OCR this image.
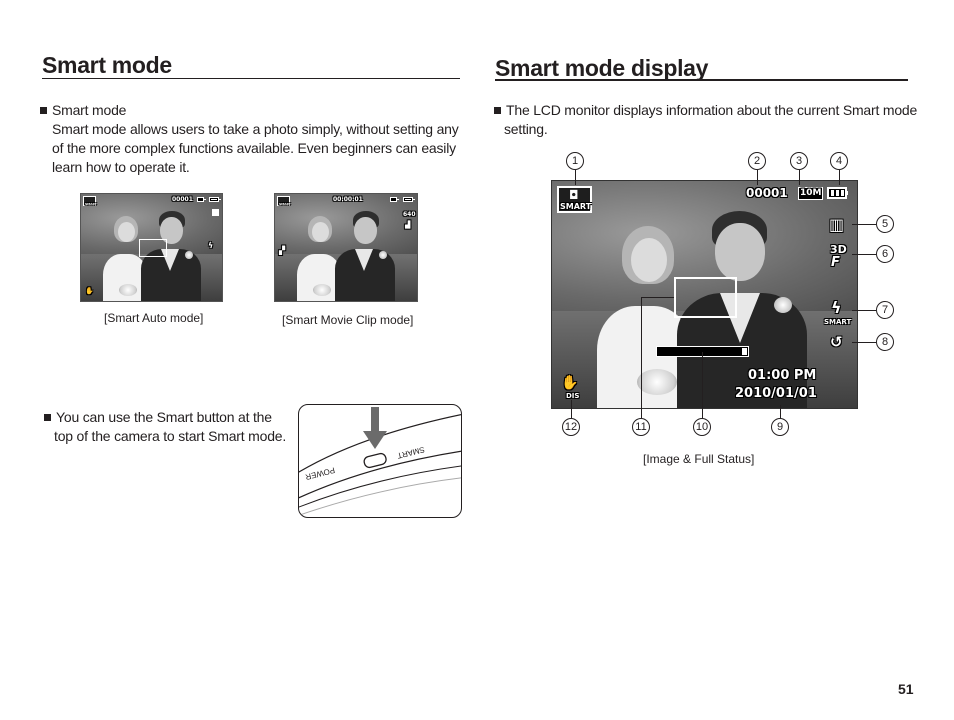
Smart mode
Smart mode
Smart mode allows users to take a photo simply, without setting any of the more complex functions available. Even beginners can easily learn how to operate it.
SMART
00001
ϟ
✋
[Smart Auto mode]
SMART
00:00:01
640
▟
▞
[Smart Movie Clip mode]
You can use the Smart button at the top of the camera to start Smart mode.
POWER
SMART
Smart mode display
The LCD monitor displays information about the current Smart mode setting.
◘
SMART
00001 10M
▥
3D
F
ϟ
SMART
↺
01:00 PM
2010/01/01
✋
DIS
1	2	3	4
5
6
7
8
9
10
11
12
[Image & Full Status]
51
